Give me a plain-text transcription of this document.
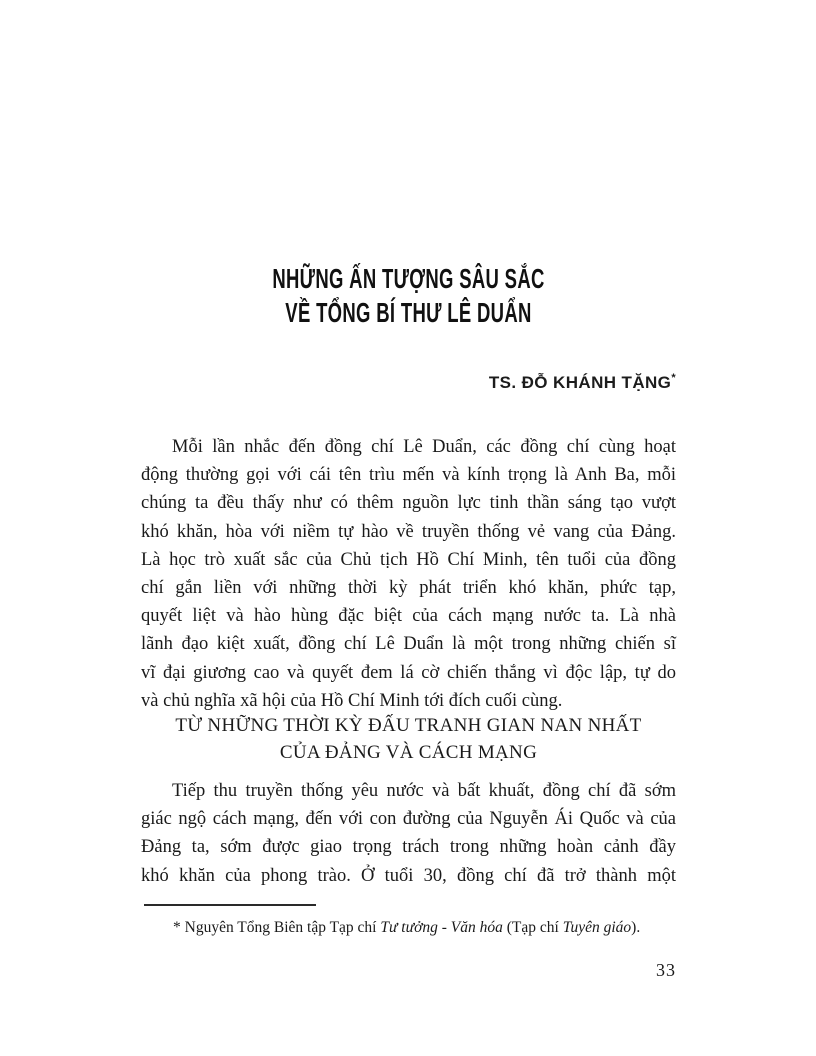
NHỮNG ẤN TƯỢNG SÂU SẮC
VỀ TỔNG BÍ THƯ LÊ DUẨN
TS. ĐỖ KHÁNH TẶNG*
Mỗi lần nhắc đến đồng chí Lê Duẩn, các đồng chí cùng hoạt
động thường gọi với cái tên trìu mến và kính trọng là Anh Ba, mỗi
chúng ta đều thấy như có thêm nguồn lực tinh thần sáng tạo vượt
khó khăn, hòa với niềm tự hào về truyền thống vẻ vang của Đảng.
Là học trò xuất sắc của Chủ tịch Hồ Chí Minh, tên tuổi của đồng
chí gắn liền với những thời kỳ phát triển khó khăn, phức tạp,
quyết liệt và hào hùng đặc biệt của cách mạng nước ta. Là nhà
lãnh đạo kiệt xuất, đồng chí Lê Duẩn là một trong những chiến sĩ
vĩ đại giương cao và quyết đem lá cờ chiến thắng vì độc lập, tự do
và chủ nghĩa xã hội của Hồ Chí Minh tới đích cuối cùng.
TỪ NHỮNG THỜI KỲ ĐẤU TRANH GIAN NAN NHẤT
CỦA ĐẢNG VÀ CÁCH MẠNG
Tiếp thu truyền thống yêu nước và bất khuất, đồng chí đã sớm
giác ngộ cách mạng, đến với con đường của Nguyễn Ái Quốc và của
Đảng ta, sớm được giao trọng trách trong những hoàn cảnh đầy
khó khăn của phong trào. Ở tuổi 30, đồng chí đã trở thành một
* Nguyên Tổng Biên tập Tạp chí Tư tưởng - Văn hóa (Tạp chí Tuyên giáo).
33
